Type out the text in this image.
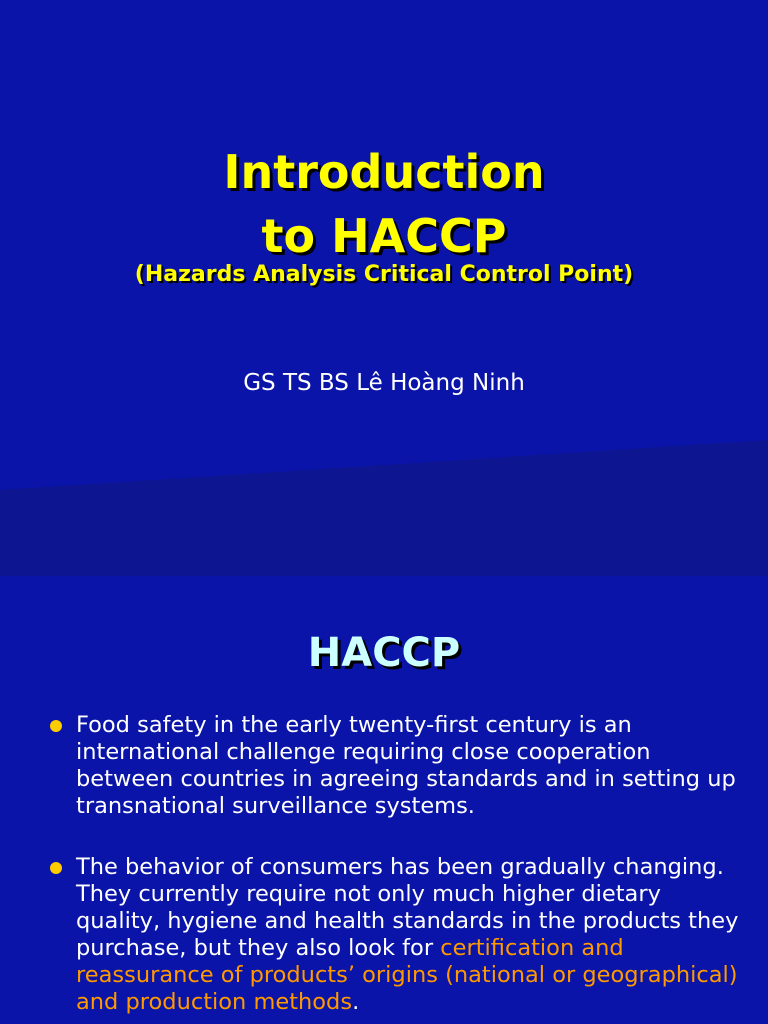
Introduction
to HACCP
(Hazards Analysis Critical Control Point)
GS TS BS Lê Hoàng Ninh
HACCP
Food safety in the early twenty-first century is an international challenge requiring close cooperation between countries in agreeing standards and in setting up transnational surveillance systems.
The behavior of consumers has been gradually changing. They currently require not only much higher dietary quality, hygiene and health standards in the products they purchase, but they also look for certification and reassurance of products’ origins (national or geographical) and production methods.
